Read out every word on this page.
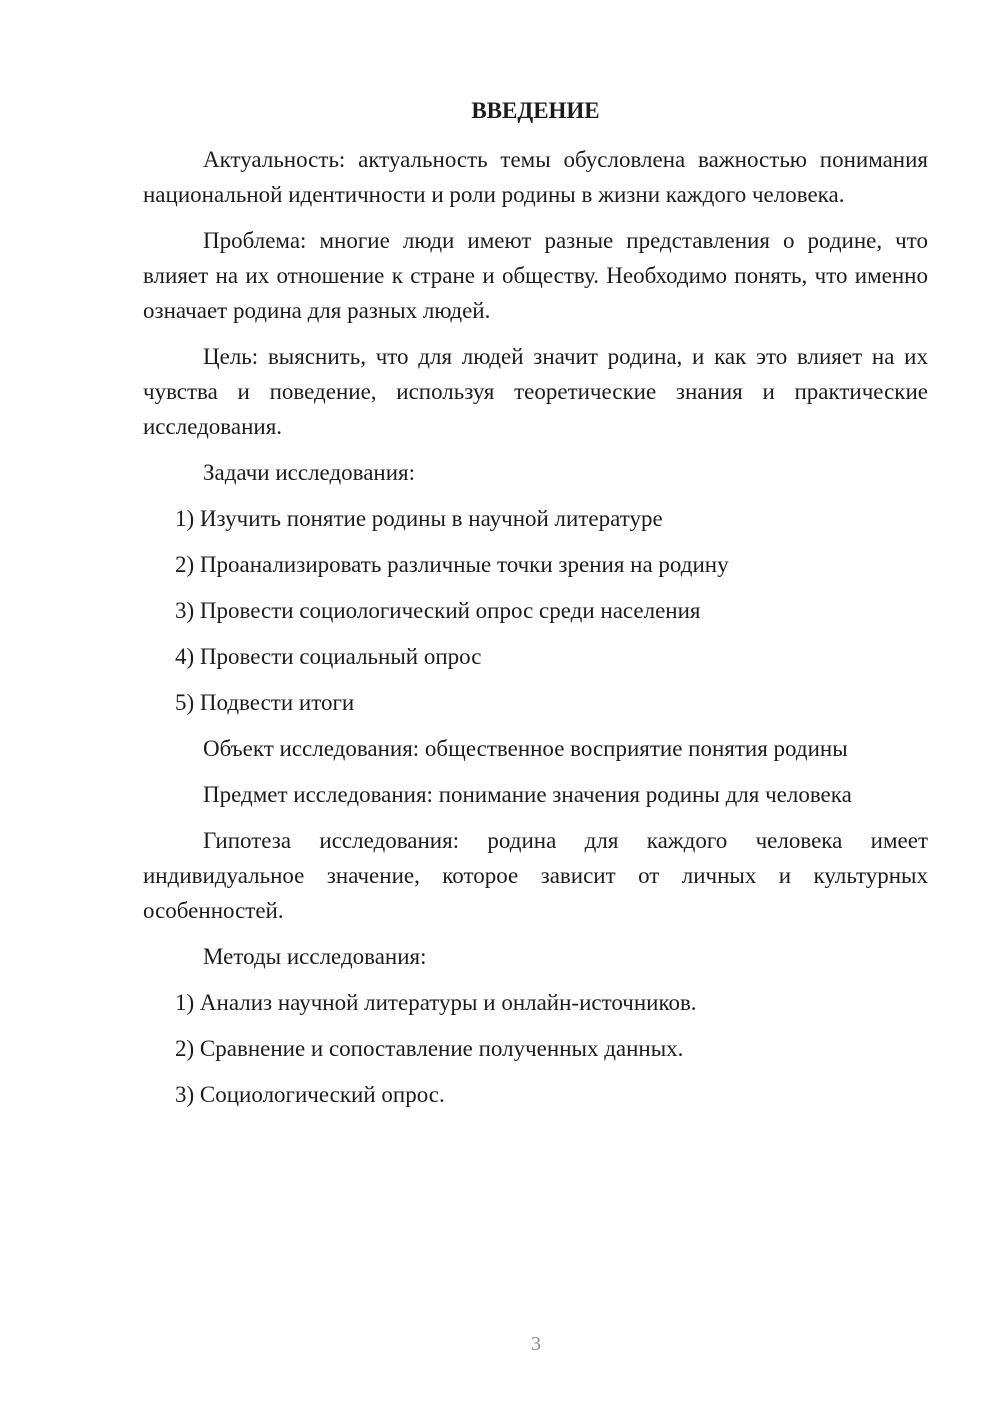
ВВЕДЕНИЕ

Актуальность: актуальность темы обусловлена важностью понимания национальной идентичности и роли родины в жизни каждого человека.

Проблема: многие люди имеют разные представления о родине, что влияет на их отношение к стране и обществу. Необходимо понять, что именно означает родина для разных людей.

Цель: выяснить, что для людей значит родина, и как это влияет на их чувства и поведение, используя теоретические знания и практические исследования.

Задачи исследования:

1) Изучить понятие родины в научной литературе

2) Проанализировать различные точки зрения на родину

3) Провести социологический опрос среди населения

4) Провести социальный опрос

5) Подвести итоги

Объект исследования: общественное восприятие понятия родины

Предмет исследования: понимание значения родины для человека

Гипотеза исследования: родина для каждого человека имеет индивидуальное значение, которое зависит от личных и культурных особенностей.

Методы исследования:

1) Анализ научной литературы и онлайн-источников.

2) Сравнение и сопоставление полученных данных.

3) Социологический опрос.

3
